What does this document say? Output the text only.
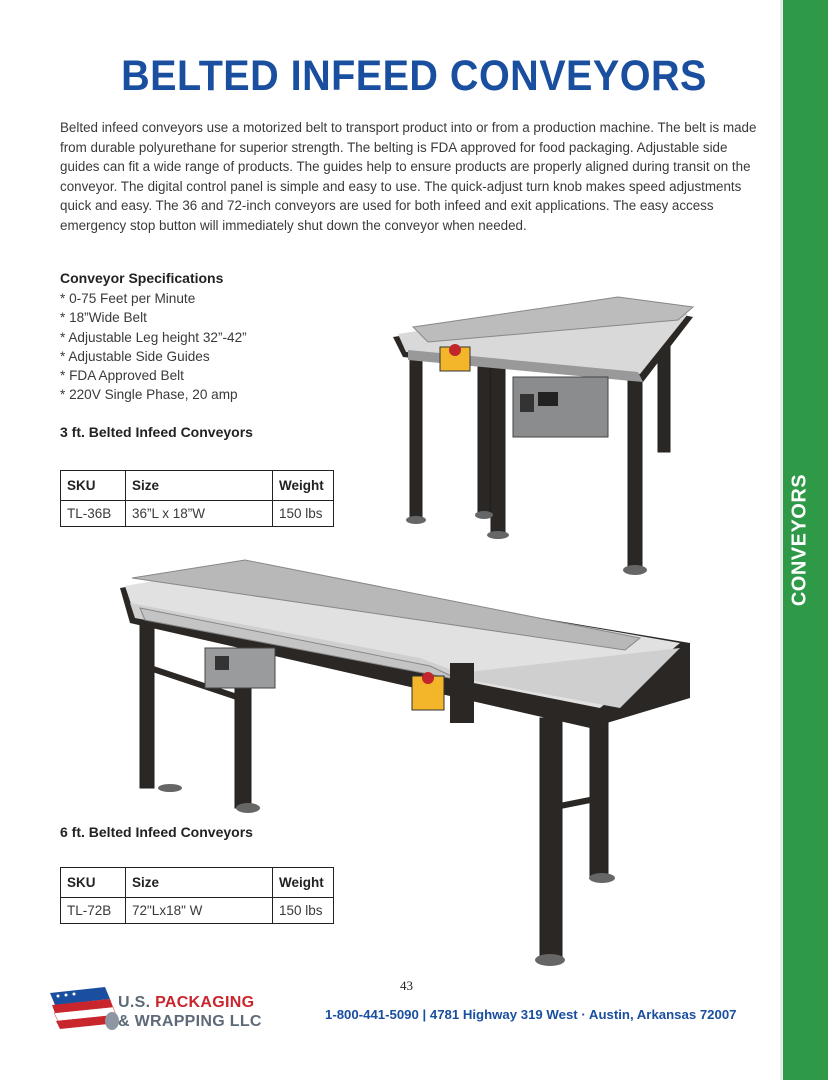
CONVEYORS
BELTED INFEED CONVEYORS

Belted infeed conveyors use a motorized belt to transport product into or from a production machine. The belt is made from durable polyurethane for superior strength. The belting is FDA approved for food packaging. Adjustable side guides can fit a wide range of products. The guides help to ensure products are properly aligned during transit on the conveyor. The digital control panel is simple and easy to use. The quick-adjust turn knob makes speed adjustments quick and easy. The 36 and 72-inch conveyors are used for both infeed and exit applications. The easy access emergency stop button will immediately shut down the conveyor when needed.

Conveyor Specifications
* 0-75 Feet per Minute
* 18”Wide Belt
* Adjustable Leg height 32”-42”
* Adjustable Side Guides
* FDA Approved Belt
* 220V Single Phase, 20 amp
3 ft. Belted Infeed Conveyors
SKU	Size	Weight
TL-36B	36”L x 18”W	150 lbs
6 ft. Belted Infeed Conveyors
SKU	Size	Weight
TL-72B	72"Lx18" W	150 lbs
43
U.S. PACKAGING
& WRAPPING LLC	1-800-441-5090 | 4781 Highway 319 West · Austin, Arkansas 72007
